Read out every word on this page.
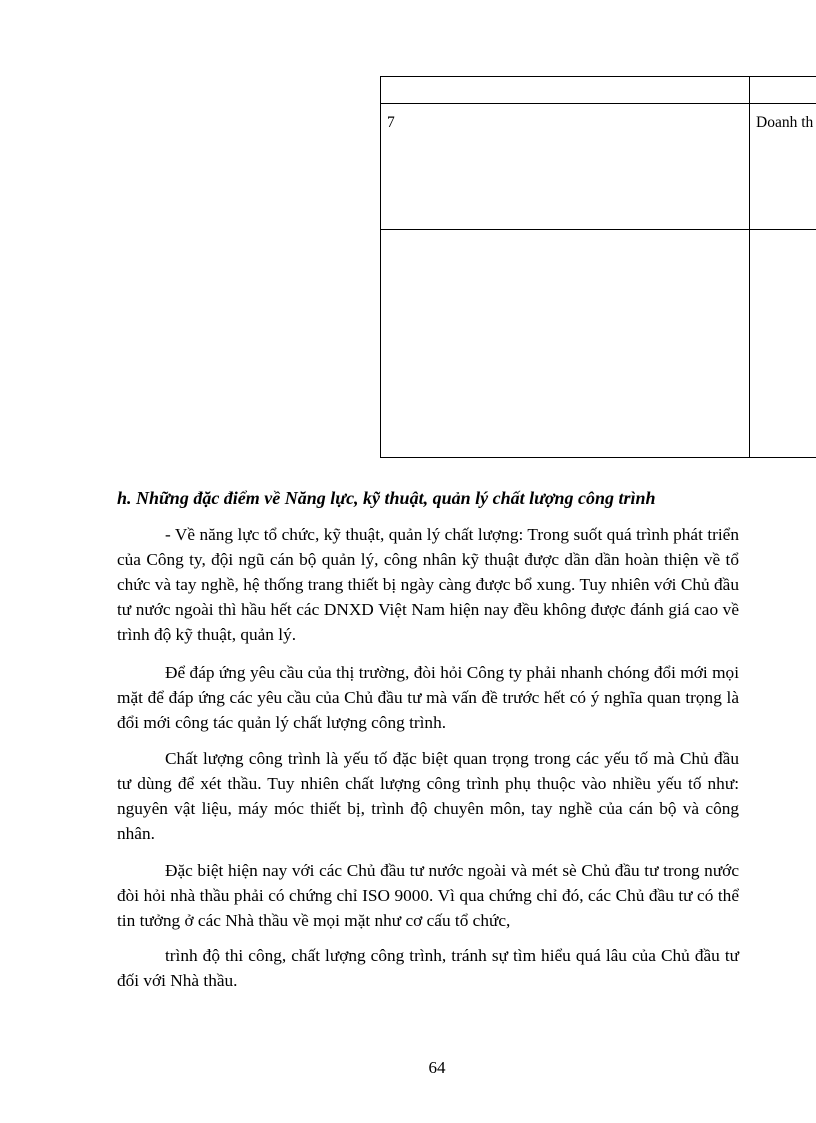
7	Doanh th

h. Những đặc điểm về Năng lực, kỹ thuật, quản lý chất lượng công trình

- Về năng lực tổ chức, kỹ thuật, quản lý chất lượng: Trong suốt quá trình phát triển của Công ty, đội ngũ cán bộ quản lý, công nhân kỹ thuật được dần dần hoàn thiện về tổ chức và tay nghề, hệ thống trang thiết bị ngày càng được bổ xung. Tuy nhiên với Chủ đầu tư nước ngoài thì hầu hết các DNXD Việt Nam hiện nay đều không được đánh giá cao về trình độ kỹ thuật, quản lý.

Để đáp ứng yêu cầu của thị trường, đòi hỏi Công ty phải nhanh chóng đổi mới mọi mặt để đáp ứng các yêu cầu của Chủ đầu tư mà vấn đề trước hết có ý nghĩa quan trọng là đổi mới công tác quản lý chất lượng công trình.

Chất lượng công trình là yếu tố đặc biệt quan trọng trong các yếu tố mà Chủ đầu tư dùng để xét thầu. Tuy nhiên chất lượng công trình phụ thuộc vào nhiều yếu tố như: nguyên vật liệu, máy móc thiết bị, trình độ chuyên môn, tay nghề của cán bộ và công nhân.

Đặc biệt hiện nay với các Chủ đầu tư nước ngoài và mét sè Chủ đầu tư trong nước đòi hỏi nhà thầu phải có chứng chỉ ISO 9000. Vì qua chứng chỉ đó, các Chủ đầu tư có thể tin tưởng ở các Nhà thầu về mọi mặt như cơ cấu tổ chức,

trình độ thi công, chất lượng công trình, tránh sự tìm hiểu quá lâu của Chủ đầu tư đối với Nhà thầu.

64
